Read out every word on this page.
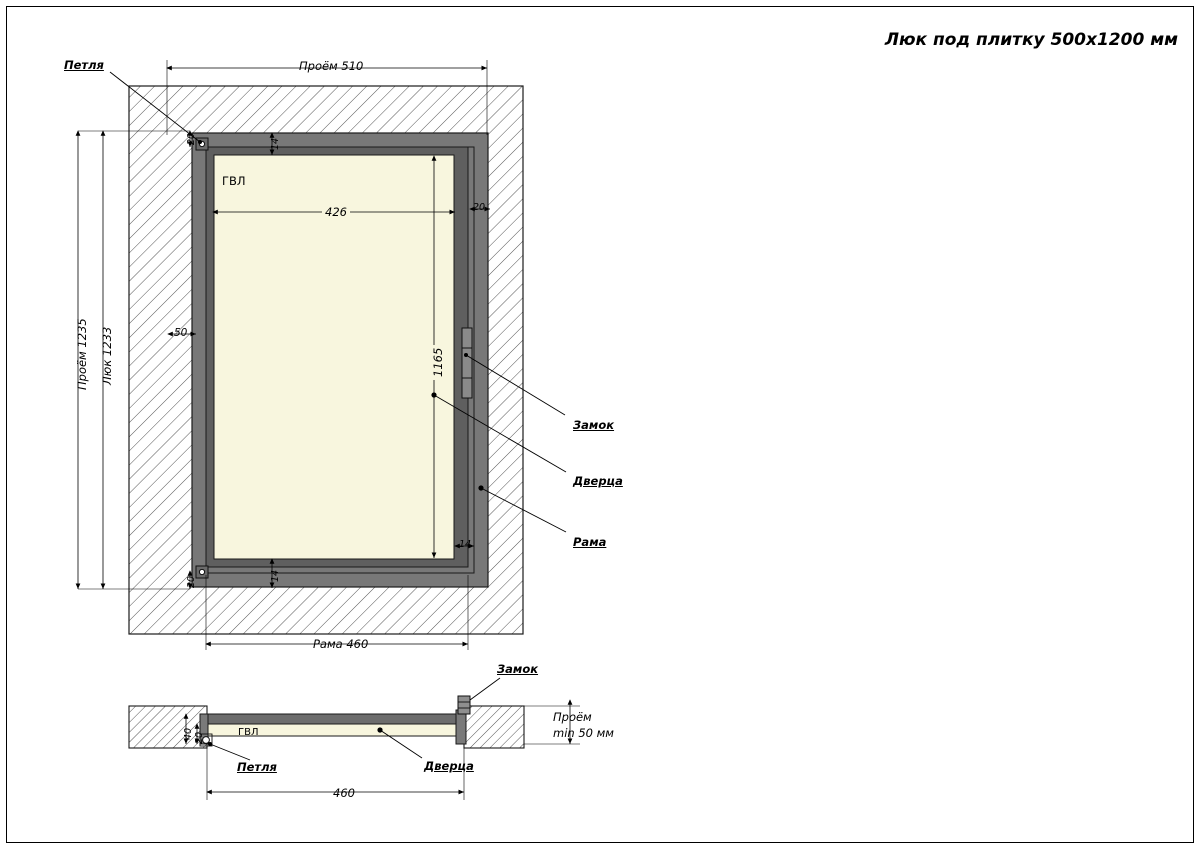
Люк под плитку 500x1200 мм
Петля	Проём 510
Проём 1235 Люк 1233
ГВЛ
426
1165
Рама 460
14
14
14
20
20
20
50
Замок
Дверца
Рама
Замок
Петля	Дверца
ГВЛ
460
40 20
Проём
min 50 мм
